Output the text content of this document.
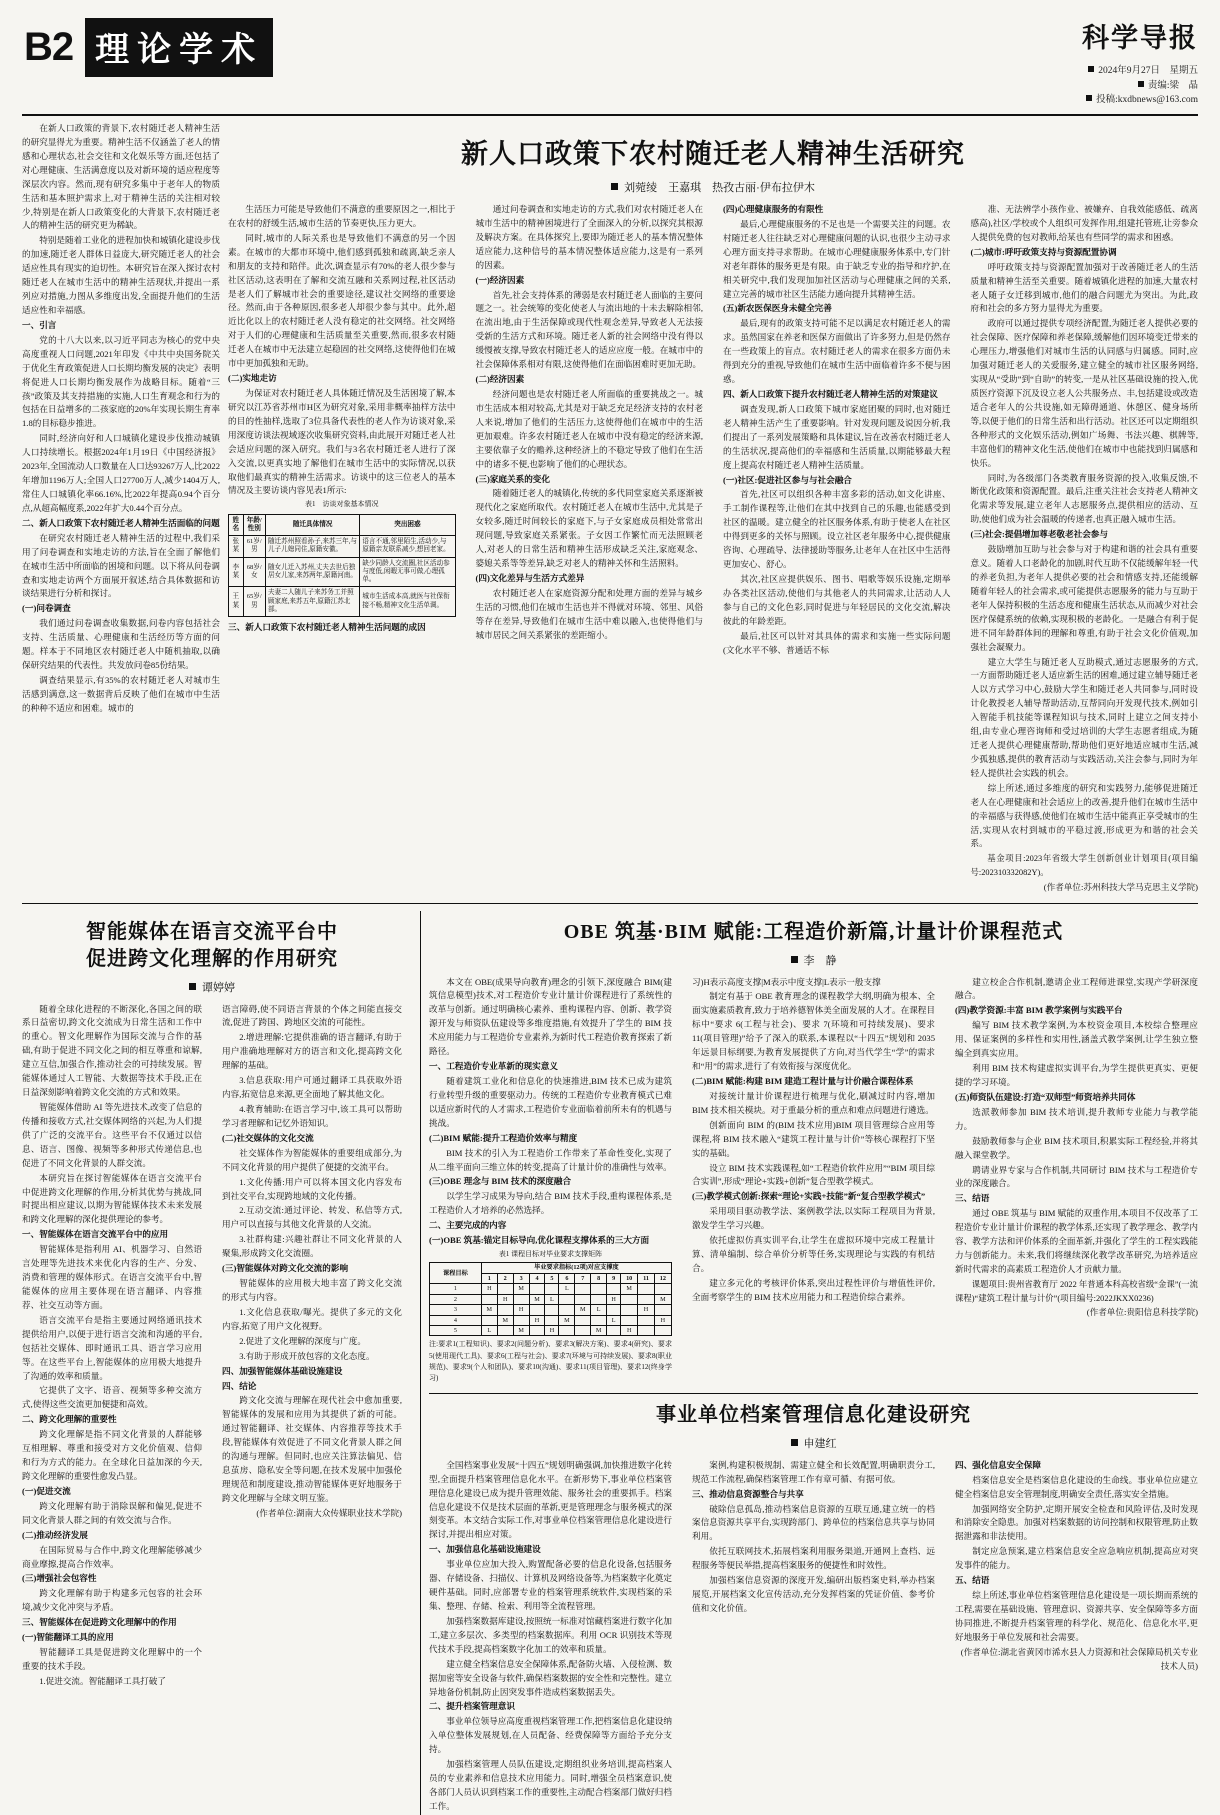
B2 理论学术	科学导报
2024年9月27日　星期五
责编:梁　晶
投稿:kxdbnews@163.com

在新人口政策的背景下,农村随迁老人精神生活的研究显得尤为重要。精神生活不仅涵盖了老人的情感和心理状态,社会交往和文化娱乐等方面,还包括了对心理健康、生活满意度以及对新环境的适应程度等深层次内容。然而,现有研究多集中于老年人的物质生活和基本照护需求上,对于精神生活的关注相对较少,特别是在新人口政策变化的大背景下,农村随迁老人的精神生活的研究更为稀缺。

特别是随着工业化的进程加快和城镇化建设步伐的加速,随迁老人群体日益庞大,研究随迁老人的社会适应性具有现实的迫切性。本研究旨在深入探讨农村随迁老人在城市生活中的精神生活现状,并提出一系列应对措施,力图从多维度出发,全面提升他们的生活适应性和幸福感。

一、引言

党的十八大以来,以习近平同志为核心的党中央高度重视人口问题,2021年印发《中共中央国务院关于优化生育政策促进人口长期均衡发展的决定》表明将促进人口长期均衡发展作为战略目标。随着“三孩”政策及其支持措施的实施,人口生育观念和行为的包括在日益增多的二孩家庭的20%年实现长期生育率1.8的目标稳步推进。

同时,经济向好和人口城镇化建设步伐推动城镇人口持续增长。根据2024年1月19日《中国经济报》2023年,全国流动人口数量在人口达93267万人,比2022年增加1196万人;全国人口27700万人,减少1404万人,常住人口城镇化率66.16%,比2022年提高0.94个百分点,从超高幅度系,2022年扩大0.44个百分点。

二、新人口政策下农村随迁老人精神生活面临的问题

在研究农村随迁老人精神生活的过程中,我们采用了问卷调查和实地走访的方法,旨在全面了解他们在城市生活中所面临的困境和问题。以下将从问卷调查和实地走访两个方面展开叙述,结合具体数据和访谈结果进行分析和探讨。

(一)问卷调查

我们通过问卷调查收集数据,问卷内容包括社会支持、生活质量、心理健康和生活经历等方面的问题。样本于不同地区农村随迁老人中随机抽取,以确保研究结果的代表性。共发放问卷85份结果。

调查结果显示,有35%的农村随迁老人对城市生活感到满意,这一数据背后反映了他们在城市中生活的种种不适应和困难。城市的

新人口政策下农村随迁老人精神生活研究
刘菀绫　王嘉琪　热孜古丽·伊布拉伊木

生活压力可能是导致他们不满意的重要原因之一,相比于在农村的舒缓生活,城市生活的节奏更快,压力更大。

同时,城市的人际关系也是导致他们不满意的另一个因素。在城市的大都市环境中,他们感到孤独和疏离,缺乏亲人和朋友的支持和陪伴。此次,调查显示有70%的老人很少参与社区活动,这表明在了解和交流互融和关系网过程,社区活动是老人们了解城市社会的重要途径,建议社交网络的重要途径。然而,由于各种原因,很多老人却很少参与其中。此外,超近比化以上的农村随迁老人没有稳定的社交网络。社交网络对于人们的心理健康和生活质量至关重要,然而,很多农村随迁老人在城市中无法建立起稳固的社交网络,这使得他们在城市中更加孤独和无助。

(二)实地走访

为保证对农村随迁老人具体随迁情况及生活困境了解,本研究以江苏省苏州市H区为研究对象,采用非概率抽样方法中的目的性抽样,选取了3位具备代表性的老人作为访谈对象,采用深度访谈法视域逐次收集研究资料,由此展开对随迁老人社会适应问题的深入研究。我们与3名农村随迁老人进行了深入交流,以更真实地了解他们在城市生活中的实际情况,以获取他们最真实的精神生活需求。访谈中的这三位老人的基本情况及主要访谈内容见表1所示:

表1　访谈对象基本情况
姓名	年龄/性别	随迁具体情况	突出困惑
张某	61岁/男	随迁苏州照看孙子,来苏三年,与儿子儿媳同住,原籍安徽。	语言不通,邻里陌生,活动少,与原籍亲友联系减少,想回老家。
李某	68岁/女	随女儿迁入苏州,丈夫去世后独居女儿家,来苏两年,原籍河南。	缺少同龄人交流圈,社区活动参与度低,闲暇无事可做,心理孤单。
王某	65岁/男	夫妻二人随儿子来苏务工并照顾家庭,来苏五年,原籍江苏北部。	城市生活成本高,就医与社保衔接不畅,精神文化生活单调。

三、新人口政策下农村随迁老人精神生活问题的成因

通过问卷调查和实地走访的方式,我们对农村随迁老人在城市生活中的精神困境进行了全面深入的分析,以探究其根源及解决方案。在具体探究上,要即为随迁老人的基本情况整体适应能力,这种信号的基本情况整体适应能力,这是有一系列的因素。

(一)经济因素

首先,社会支持体系的薄弱是农村随迁老人面临的主要问题之一。社会统筹的变化使老人与流出地的十未去解除相邻,在流出地,由于生活保障或现代性观念差异,导致老人无法接受新的生活方式和环境。随迁老人新的社会网络中没有得以缓慢被支撑,导致农村随迁老人的适应应度一般。在城市中的社会保障体系相对有限,这使得他们在面临困难时更加无助。

(二)经济因素

经济问题也是农村随迁老人所面临的重要挑战之一。城市生活成本相对较高,尤其是对于缺乏充足经济支持的农村老人来说,增加了他们的生活压力,这使得他们在城市中的生活更加艰难。许多农村随迁老人在城市中没有稳定的经济来源,主要依靠子女的赡养,这种经济上的不稳定导致了他们在生活中的诸多不便,也影响了他们的心理状态。

(三)家庭关系的变化

随着随迁老人的城镇化,传统的多代同堂家庭关系逐渐被现代化之家庭所取代。农村随迁老人在城市生活中,尤其是子女较多,随迁时间较长的家庭下,与子女家庭成员相处常常出现问题,导致家庭关系紧张。子女因工作繁忙而无法照顾老人,对老人的日常生活和精神生活形成缺乏关注,家庭观念、婆媳关系等等差异,缺乏对老人的精神关怀和生活照料。

(四)文化差异与生活方式差异

农村随迁老人在家庭资源分配和处理方面的差异与城乡生活的习惯,他们在城市生活也并不得就对环境、邻里、风俗等存在差异,导致他们在城市生活中难以融入,也使得他们与城市居民之间关系紧张的差距缩小。

(四)心理健康服务的有限性

最后,心理健康服务的不足也是一个需要关注的问题。农村随迁老人往往缺乏对心理健康问题的认识,也很少主动寻求心理方面支持寻求帮助。在城市心理健康服务体系中,专门针对老年群体的服务更是有限。由于缺乏专业的指导和疗护,在相关研究中,我们发现加加社区活动与心理健康之间的关系,建立完善的城市社区生活能力通向提升其精神生活。

(五)新农医保医身未健全完善

最后,现有的政策支持可能不足以满足农村随迁老人的需求。虽然国家在养老和医保方面做出了许多努力,但是仍然存在一些政策上的盲点。农村随迁老人的需求在很多方面仍未得到充分的重视,导致他们在城市生活中面临着许多不便与困惑。

四、新人口政策下提升农村随迁老人精神生活的对策建议

调查发现,新人口政策下城市家庭团聚的同时,也对随迁老人精神生活产生了重要影响。针对发现问题及说因分析,我们提出了一系列发展策略和具体建议,旨在改善农村随迁老人的生活状况,提高他们的幸福感和生活质量,以期能够最大程度上提高农村随迁老人精神生活质量。

(一)社区:促进社区参与与社会融合

首先,社区可以组织各种丰富多彩的活动,如文化讲座、手工制作课程等,让他们在其中找到自己的乐趣,也能感受到社区的温暖。建立健全的社区服务体系,有助于使老人在社区中得到更多的关怀与照顾。设立社区老年服务中心,提供健康咨询、心理疏导、法律援助等服务,让老年人在社区中生活得更加安心、舒心。

其次,社区应提供娱乐、图书、唱歌等娱乐设施,定期举办各类社区活动,使他们与其他老人的共同需求,让活动人人参与自己的文化色彩,同时促进与年轻居民的文化交流,解决彼此的年龄差距。

最后,社区可以针对其具体的需求和实施一些实际问题(文化水平不够、普通话不标

准、无法辨学小孩作业、被嫌弃、自我效能感低、疏离感高),社区/学校或个人组织可发挥作用,组建托管班,让旁参众人提供免费的包对教师,给某也有些同学的需求和困惑。

(二)城市:呼吁政策支持与资源配置协调

呼吁政策支持与资源配置加强对于改善随迁老人的生活质量和精神生活至关重要。随着城镇化进程的加速,大量农村老人随子女迁移到城市,他们的融合问题尤为突出。为此,政府和社会的多方努力显得尤为重要。

政府可以通过提供专项经济配置,为随迁老人提供必要的社会保障、医疗保障和养老保障,缓解他们因环境变迁带来的心理压力,增强他们对城市生活的认同感与归属感。同时,应加强对随迁老人的关爱服务,建立健全的城市社区服务网络,实现从“受助”到“自助”的转变,一是从社区基础设施的投入,优质医疗资源下沉及设立老人公共服务点、丰,包括建设或改造适合老年人的公共设施,如无障碍通道、休憩区、健身场所等,以便于他们的日常生活和出行活动。社区还可以定期组织各种形式的文化娱乐活动,例如广场舞、书法兴趣、棋牌等,丰富他们的精神文化生活,使他们在城市中也能找到归属感和快乐。

同时,为各级部门各类教育服务资源的投入,收集反馈,不断优化政策和资源配置。最后,注重关注社会支持老人精神文化需求等发展,建立老年人志愿服务点,提供相应的活动、互助,使他们成为社会温暖的传递者,也真正融入城市生活。

(三)社会:提倡增加尊老敬老社会参与

鼓励增加互助与社会参与对于构建和谐的社会具有重要意义。随着人口老龄化的加剧,时代互助不仅能缓解年轻一代的养老负担,为老年人提供必要的社会和情感支持,还能缓解随着年轻人的社会需求,或可能提供志愿服务的能力与互助于老年人保持积极的生活态度和健康生活状态,从而减少对社会医疗保健系统的依赖,实现积极的老龄化。一是融合有利于促进不同年龄群体间的理解和尊重,有助于社会文化价值观,加强社会凝聚力。

建立大学生与随迁老人互助模式,通过志愿服务的方式,一方面帮助随迁老人适应新生活的困难,通过建立辅导随迁老人以方式学习中心,鼓励大学生和随迁老人共同参与,同时设计化教授老人辅导帮助活动,互帮同向开发现代技术,例如引入智能手机技能等课程知识与技术,同时上建立之间支持小组,由专业心理咨询师和受过培训的大学生志愿者组成,为随迁老人提供心理健康帮助,帮助他们更好地适应城市生活,减少孤独感,提供的教育活动与实践活动,关注会参与,同时为年轻人提供社会实践的机会。

综上所述,通过多维度的研究和实践努力,能够促进随迁老人在心理健康和社会适应上的改善,提升他们在城市生活中的幸福感与获得感,使他们在城市生活中能真正享受城市的生活,实现从农村到城市的平稳过渡,形成更为和谐的社会关系。

基金项目:2023年省级大学生创新创业计划项目(项目编号:202310332082Y)。

(作者单位:苏州科技大学马克思主义学院)

智能媒体在语言交流平台中
促进跨文化理解的作用研究
谭婷婷

随着全球化进程的不断深化,各国之间的联系日益密切,跨文化交流成为日常生活和工作中的重心。智文化理解作为国际交流与合作的基础,有助于促进不同文化之间的相互尊重和谅解,建立互信,加强合作,推动社会的可持续发展。智能媒体通过人工智能、大数据等技术手段,正在日益深刻影响着跨文化交流的方式和效果。

智能媒体借助 AI 等先进技术,改变了信息的传播和接收方式,社交媒体网络的兴起,为人们提供了广泛的交流平台。这些平台不仅通过以信息、语言、图像、视频等多种形式传递信息,也促进了不同文化背景的人群交流。

本研究旨在探讨智能媒体在语言交流平台中促进跨文化理解的作用,分析其优势与挑战,同时提出相应建议,以期为智能媒体技术未来发展和跨文化理解的深化提供理论的参考。

一、智能媒体在语言交流平台中的应用

智能媒体是指利用 AI、机器学习、自然语言处理等先进技术来优化内容的生产、分发、消费和管理的媒体形式。在语言交流平台中,智能媒体的应用主要体现在语言翻译、内容推荐、社交互动等方面。

语言交流平台是指主要通过网络通讯技术提供给用户,以便于进行语言交流和沟通的平台,包括社交媒体、即时通讯工具、语言学习应用等。在这些平台上,智能媒体的应用极大地提升了沟通的效率和质量。

它提供了文字、语音、视频等多种交流方式,使得这些交流更加便捷和高效。

二、跨文化理解的重要性

跨文化理解是指不同文化背景的人群能够互相理解、尊重和接受对方文化价值观、信仰和行为方式的能力。在全球化日益加深的今天,跨文化理解的重要性愈发凸显。

(一)促进交流

跨文化理解有助于消除误解和偏见,促进不同文化背景人群之间的有效交流与合作。

(二)推动经济发展

在国际贸易与合作中,跨文化理解能够减少商业摩擦,提高合作效率。

(三)增强社会包容性

跨文化理解有助于构建多元包容的社会环境,减少文化冲突与矛盾。

三、智能媒体在促进跨文化理解中的作用

(一)智能翻译工具的应用

智能翻译工具是促进跨文化理解中的一个重要的技术手段。

1.促进交流。智能翻译工具打破了

语言障碍,使不同语言背景的个体之间能直接交流,促进了跨国、跨地区交流的可能性。

2.增进理解:它提供准确的语言翻译,有助于用户准确地理解对方的语言和文化,提高跨文化理解的基础。

3.信息获取:用户可通过翻译工具获取外语内容,拓宽信息来源,更全面地了解其他文化。

4.教育辅助:在语言学习中,该工具可以帮助学习者理解和记忆外语知识。

(二)社交媒体的文化交流

社交媒体作为智能媒体的重要组成部分,为不同文化背景的用户提供了便捷的交流平台。

1.文化传播:用户可以将本国文化内容发布到社交平台,实现跨地域的文化传播。

2.互动交流:通过评论、转发、私信等方式,用户可以直接与其他文化背景的人交流。

3.社群构建:兴趣社群让不同文化背景的人聚集,形成跨文化交流圈。

(三)智能媒体对跨文化交流的影响

智能媒体的应用极大地丰富了跨文化交流的形式与内容。

1.文化信息获取/曝光。提供了多元的文化内容,拓宽了用户文化视野。

2.促进了文化理解的深度与广度。

3.有助于形成开放包容的文化态度。

四、加强智能媒体基础设施建设

四、结论

跨文化交流与理解在现代社会中愈加重要,智能媒体的发展和应用为其提供了新的可能。通过智能翻译、社交媒体、内容推荐等技术手段,智能媒体有效促进了不同文化背景人群之间的沟通与理解。但同时,也应关注算法偏见、信息茧房、隐私安全等问题,在技术发展中加强伦理规范和制度建设,推动智能媒体更好地服务于跨文化理解与全球文明互鉴。

(作者单位:湖南大众传媒职业技术学院)

OBE 筑基·BIM 赋能:工程造价新篇,计量计价课程范式
李　静

本文在 OBE(成果导向教育)理念的引领下,深度融合 BIM(建筑信息模型)技术,对工程造价专业计量计价课程进行了系统性的改革与创新。通过明确核心素养、重构课程内容、创新、教学资源开发与师资队伍建设等多维度措施,有效提升了学生的 BIM 技术应用能力与工程造价专业素养,为新时代工程造价教育探索了新路径。

一、工程造价专业革新的现实意义

随着建筑工业化和信息化的快速推进,BIM 技术已成为建筑行业转型升级的重要驱动力。传统的工程造价专业教育模式已难以适应新时代的人才需求,工程造价专业面临着前所未有的机遇与挑战。

(二)BIM 赋能:提升工程造价效率与精度

BIM 技术的引入为工程造价工作带来了革命性变化,实现了从二维平面向三维立体的转变,提高了计量计价的准确性与效率。

(三)OBE 理念与 BIM 技术的深度融合

以学生学习成果为导向,结合 BIM 技术手段,重构课程体系,是工程造价人才培养的必然选择。

二、主要完成的内容

(一)OBE 筑基:锚定目标导向,优化课程支撑体系的三大方面

表1 课程目标对毕业要求支撑矩阵
课程目标	毕业要求指标(12项)对应支撑度											
	1	2	3	4	5	6	7	8	9	10	11	12
1	H		M			L				M		
2		H		M	L				H			M
3	M		H				M	L			H	
4		M		H		M			L			H
5	L		M		H			M		H		

注:要求1(工程知识)、要求2(问题分析)、要求3(解决方案)、要求4(研究)、要求5(使用现代工具)、要求6(工程与社会)、要求7(环境与可持续发展)、要求8(职业规范)、要求9(个人和团队)、要求10(沟通)、要求11(项目管理)、要求12(终身学习)

习)H表示高度支撑|M表示中度支撑|L表示一般支撑

制定有基于 OBE 教育理念的课程教学大纲,明确为根本、全面实施素质教育,致力于培养德智体美全面发展的人才。在课程目标中“要求 6(工程与社会)、要求 7(环境和可持续发展)、要求 11(项目管理)”给予了深入的联系,本课程以“十四五”规划和 2035 年远景目标纲要,为教育发展提供了方向,对当代学生“学”的需求和“用”的需求,进行了有效衔接与深度优化。

(二)BIM 赋能:构建 BIM 建造工程计量与计价融合课程体系

对接统计量计价课程进行梳理与优化,刷减过时内容,增加 BIM 技术相关模块。对于重最分析的重点和难点问题进行遴选。

创新面向 BIM 的(BIM 技术应用)BIM 项目管理综合应用等课程,将 BIM 技术融入“建筑工程计量与计价”等核心课程打下坚实的基础。

设立 BIM 技术实践课程,如“工程造价软件应用”“BIM 项目综合实训”,形成“理论+实践+创新”复合型教学模式。

(三)教学模式创新:探索“理论+实践+技能”新“复合型教学模式”

采用项目驱动教学法、案例教学法,以实际工程项目为背景,激发学生学习兴趣。

依托虚拟仿真实训平台,让学生在虚拟环境中完成工程量计算、清单编制、综合单价分析等任务,实现理论与实践的有机结合。

建立多元化的考核评价体系,突出过程性评价与增值性评价,全面考察学生的 BIM 技术应用能力和工程造价综合素养。

建立校企合作机制,邀请企业工程师进课堂,实现产学研深度融合。

(四)教学资源:丰富 BIM 教学案例与实践平台

编写 BIM 技术教学案例,为本校资金项目,本校综合整理应用、保证案例的多样性和实用性,涵盖式教学案例,让学生独立整编全到真实应用。

利用 BIM 技术构建虚拟实训平台,为学生提供更真实、更便捷的学习环境。

(五)师资队伍建设:打造“双师型”师资培养共同体

选派教师参加 BIM 技术培训,提升教师专业能力与教学能力。

鼓励教师参与企业 BIM 技术项目,积累实际工程经验,并将其融入课堂教学。

聘请业界专家与合作机制,共同研讨 BIM 技术与工程造价专业的深度融合。

三、结语

通过 OBE 筑基与 BIM 赋能的双重作用,本项目不仅改革了工程造价专业计量计价课程的教学体系,还实现了教学理念、教学内容、教学方法和评价体系的全面革新,并强化了学生的工程实践能力与创新能力。未来,我们将继续深化教学改革研究,为培养适应新时代需求的高素质工程造价人才贡献力量。

课题项目:贵州省教育厅 2022 年普通本科高校省级“金课”(一流课程)“建筑工程计量与计价”(项目编号:2022JKXX0236)

(作者单位:贵阳信息科技学院)

事业单位档案管理信息化建设研究
申建红

全国档案事业发展“十四五”规划明确强调,加快推进数字化转型,全面提升档案管理信息化水平。在新形势下,事业单位档案管理信息化建设已成为提升管理效能、服务社会的重要抓手。档案信息化建设不仅是技术层面的革新,更是管理理念与服务模式的深刻变革。本文结合实际工作,对事业单位档案管理信息化建设进行探讨,并提出相应对策。

一、加强信息化基础设施建设

事业单位应加大投入,购置配备必要的信息化设备,包括服务器、存储设备、扫描仪、计算机及网络设备等,为档案数字化奠定硬件基础。同时,应部署专业的档案管理系统软件,实现档案的采集、整理、存储、检索、利用等全流程管理。

加强档案数据库建设,按照统一标准对馆藏档案进行数字化加工,建立多层次、多类型的档案数据库。利用 OCR 识别技术等现代技术手段,提高档案数字化加工的效率和质量。

建立健全档案信息安全保障体系,配备防火墙、入侵检测、数据加密等安全设备与软件,确保档案数据的安全性和完整性。建立异地备份机制,防止因突发事件造成档案数据丢失。

二、提升档案管理意识

事业单位领导应高度重视档案管理工作,把档案信息化建设纳入单位整体发展规划,在人员配备、经费保障等方面给予充分支持。

加强档案管理人员队伍建设,定期组织业务培训,提高档案人员的专业素养和信息技术应用能力。同时,增强全员档案意识,使各部门人员认识到档案工作的重要性,主动配合档案部门做好归档工作。

案例,构建积极规制、需建立健全和长效配置,明确职责分工,规范工作流程,确保档案管理工作有章可循、有据可依。

三、推动信息资源整合与共享

破除信息孤岛,推动档案信息资源的互联互通,建立统一的档案信息资源共享平台,实现跨部门、跨单位的档案信息共享与协同利用。

依托互联网技术,拓展档案利用服务渠道,开通网上查档、远程服务等便民举措,提高档案服务的便捷性和时效性。

加强档案信息资源的深度开发,编研出版档案史料,举办档案展览,开展档案文化宣传活动,充分发挥档案的凭证价值、参考价值和文化价值。

四、强化信息安全保障

档案信息安全是档案信息化建设的生命线。事业单位应建立健全档案信息安全管理制度,明确安全责任,落实安全措施。

加强网络安全防护,定期开展安全检查和风险评估,及时发现和消除安全隐患。加强对档案数据的访问控制和权限管理,防止数据泄露和非法使用。

制定应急预案,建立档案信息安全应急响应机制,提高应对突发事件的能力。

五、结语

综上所述,事业单位档案管理信息化建设是一项长期而系统的工程,需要在基础设施、管理意识、资源共享、安全保障等多方面协同推进,不断提升档案管理的科学化、规范化、信息化水平,更好地服务于单位发展和社会需要。

(作者单位:湖北省黄冈市浠水县人力资源和社会保障局机关专业技术人员)
